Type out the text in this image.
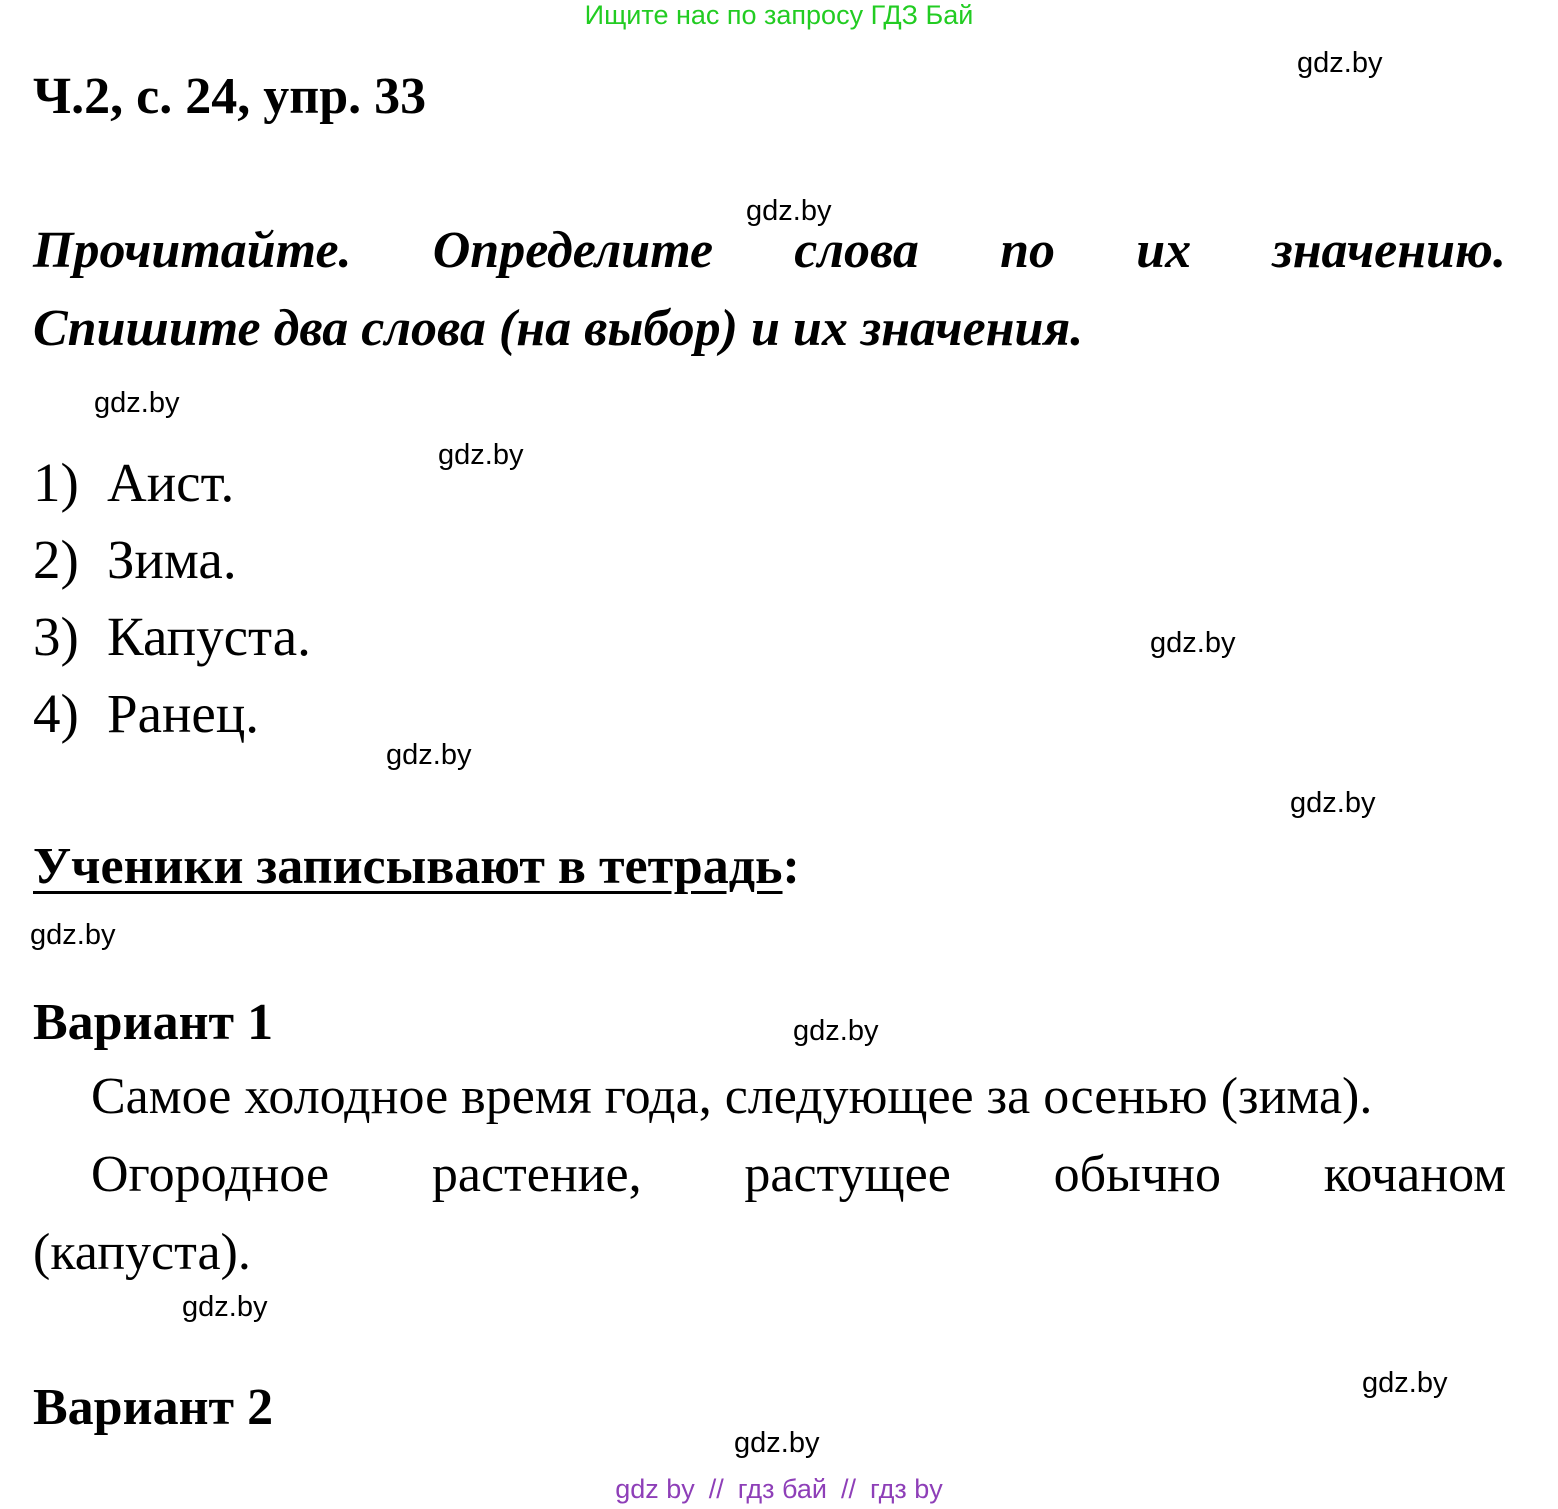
Ищите нас по запросу ГДЗ Бай
Ч.2, с. 24, упр. 33
Прочитайте. Определите слова по их значению.
Спишите два слова (на выбор) и их значения.
1) Аист.
2) Зима.
3) Капуста.
4) Ранец.
Ученики записывают в тетрадь:
Вариант 1
Самое холодное время года, следующее за осенью (зима).
Огородное растение, растущее обычно кочаном
(капуста).
Вариант 2
gdz.by
gdz.by
gdz.by
gdz.by
gdz.by
gdz.by
gdz.by
gdz.by
gdz.by
gdz.by
gdz.by
gdz.by
gdz by // гдз бай // гдз by
